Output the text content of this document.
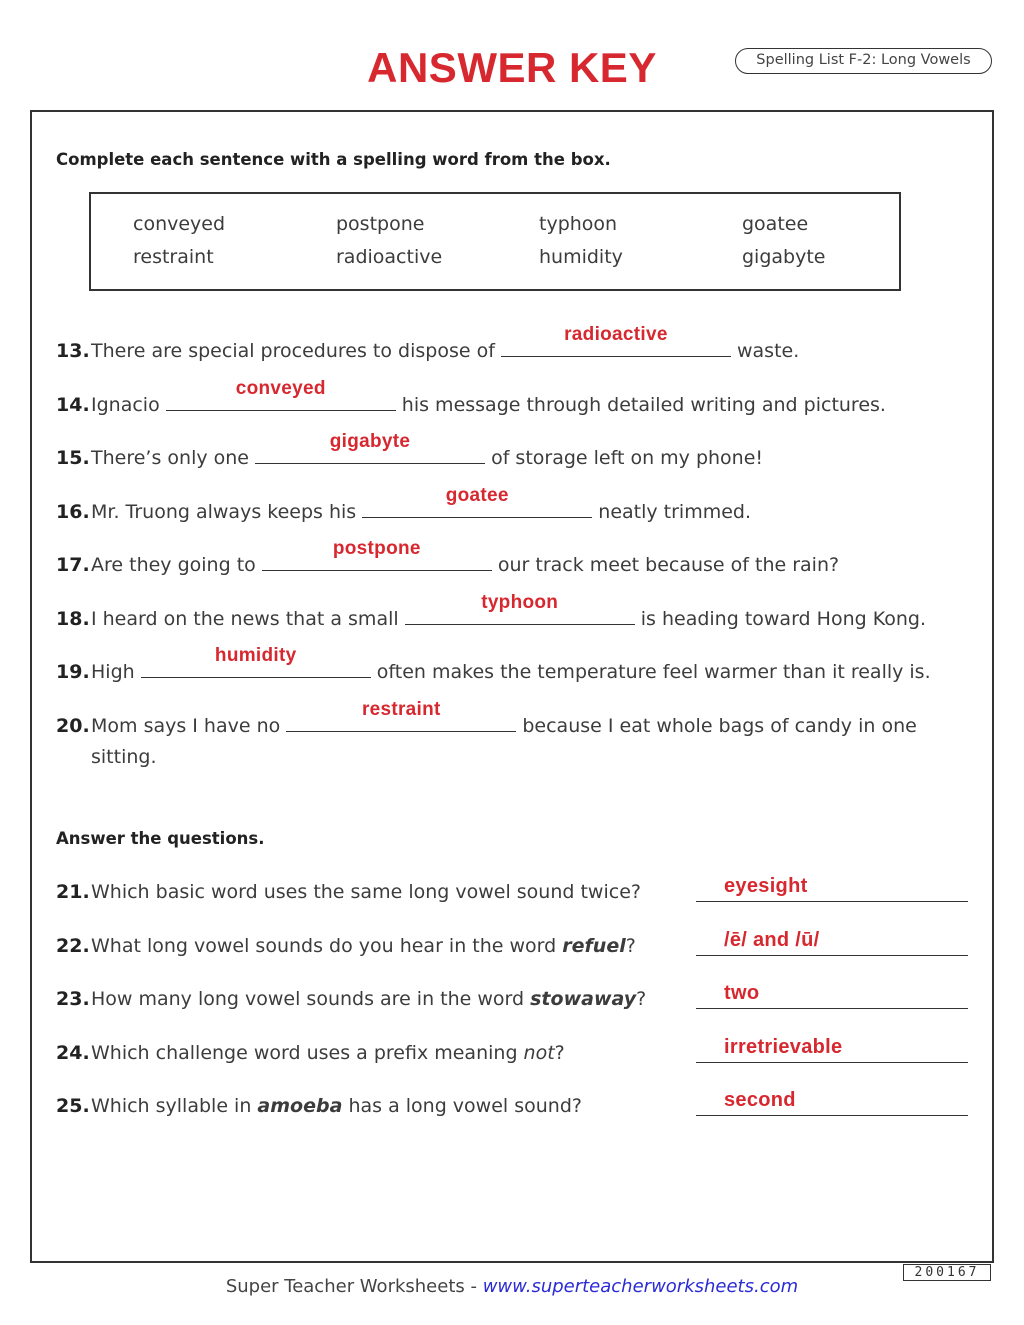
ANSWER KEY	Spelling List F-2: Long Vowels
Complete each sentence with a spelling word from the box.
conveyed	postpone	typhoon	goatee
restraint	radioactive	humidity	gigabyte
13.There are special procedures to dispose of
radioactive
waste.
14.Ignacio
conveyed
his message through detailed writing and pictures.
15.There’s only one
gigabyte
of storage left on my phone!
16.Mr. Truong always keeps his
goatee
neatly trimmed.
17.Are they going to
postpone
our track meet because of the rain?
18.I heard on the news that a small
typhoon
is heading toward Hong Kong.
19.High
humidity
often makes the temperature feel warmer than it really is.
20.Mom says I have no
restraint
because I eat whole bags of candy in one
sitting.
Answer the questions.
21.Which basic word uses the same long vowel sound twice?	eyesight
22.What long vowel sounds do you hear in the word refuel?	/ē/ and /ū/
23.How many long vowel sounds are in the word stowaway?	two
24.Which challenge word uses a prefix meaning not?	irretrievable
25.Which syllable in amoeba has a long vowel sound?	second
200167
Super Teacher Worksheets - www.superteacherworksheets.com
